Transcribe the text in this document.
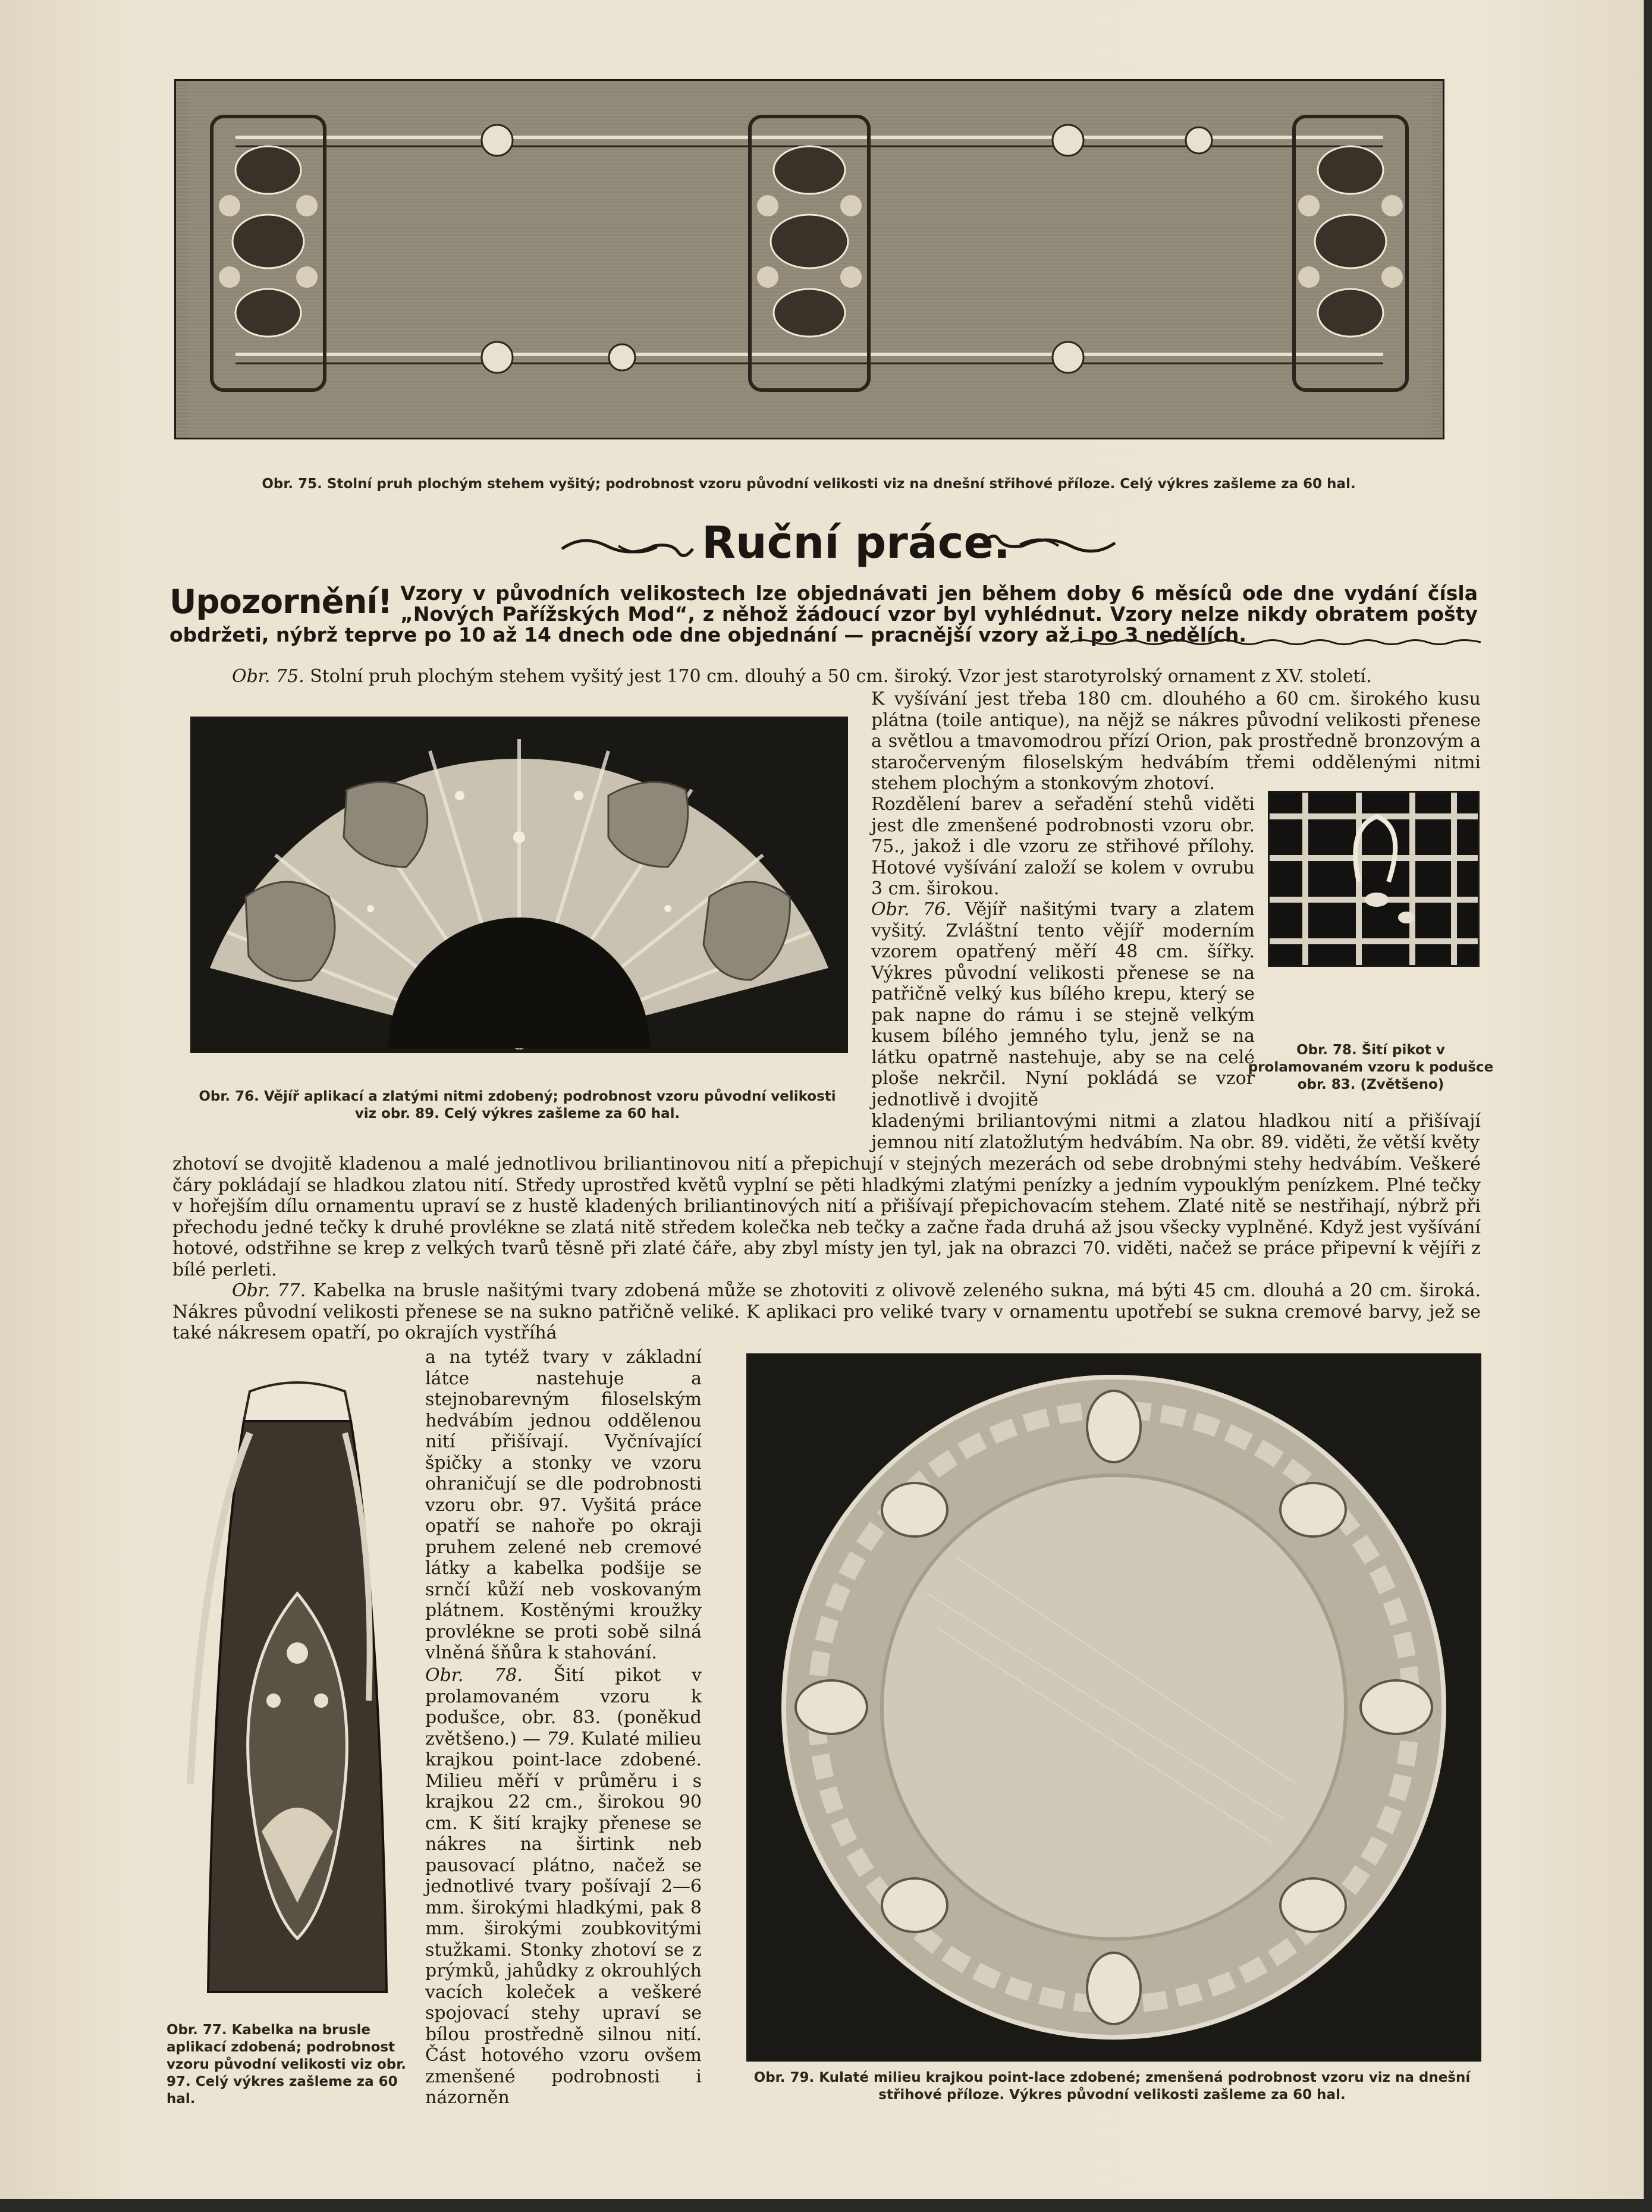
Obr. 75. Stolní pruh plochým stehem vyšitý; podrobnost vzoru původní velikosti viz na dnešní střihové příloze. Celý výkres zašleme za 60 hal.
Ruční práce.
Upozornění! Vzory v původních velikostech lze objednávati jen během doby 6 měsíců ode dne vydání čísla „Nových Pařížských Mod“, z něhož žádoucí vzor byl vyhlédnut. Vzory nelze nikdy obratem pošty obdržeti, nýbrž teprve po 10 až 14 dnech ode dne objednání — pracnější vzory až i po 3 nedělích.
Obr. 75. Stolní pruh plochým stehem vyšitý jest 170 cm. dlouhý a 50 cm. široký. Vzor jest starotyrolský ornament z XV. století.
K vyšívání jest třeba 180 cm. dlouhého a 60 cm. širokého kusu plátna (toile antique), na nějž se nákres původní velikosti přenese a světlou a tmavomodrou přízí Orion, pak prostředně bronzovým a staročerveným filoselským hedvábím třemi oddělenými nitmi stehem plochým a stonkovým zhotoví.
Obr. 76. Vějíř aplikací a zlatými nitmi zdobený; podrobnost vzoru původní velikosti viz obr. 89. Celý výkres zašleme za 60 hal.
Obr. 78. Šití pikot v prolamovaném vzoru k podušce obr. 83. (Zvětšeno)
Rozdělení barev a seřadění stehů viděti jest dle zmenšené podrobnosti vzoru obr. 75., jakož i dle vzoru ze střihové přílohy. Hotové vyšívání založí se kolem v ovrubu 3 cm. širokou.
Obr. 76. Vějíř našitými tvary a zlatem vyšitý. Zvláštní tento vějíř moderním vzorem opatřený měří 48 cm. šířky. Výkres původní velikosti přenese se na patřičně velký kus bílého krepu, který se pak napne do rámu i se stejně velkým kusem bílého jemného tylu, jenž se na látku opatrně nastehuje, aby se na celé ploše nekrčil. Nyní pokládá se vzor jednotlivě i dvojitě
kladenými briliantovými nitmi a zlatou hladkou nití a přišívají jemnou nití zlatožlutým hedvábím. Na obr. 89. viděti, že větší květy
zhotoví se dvojitě kladenou a malé jednotlivou briliantinovou nití a přepichují v stejných mezerách od sebe drobnými stehy hedvábím. Veškeré čáry pokládají se hladkou zlatou nití. Středy uprostřed květů vyplní se pěti hladkými zlatými penízky a jedním vypouklým penízkem. Plné tečky v hořejším dílu ornamentu upraví se z hustě kladených briliantinových nití a přišívají přepichovacím stehem. Zlaté nitě se nestřihají, nýbrž při přechodu jedné tečky k druhé provlékne se zlatá nitě středem kolečka neb tečky a začne řada druhá až jsou všecky vyplněné. Když jest vyšívání hotové, odstřihne se krep z velkých tvarů těsně při zlaté čáře, aby zbyl místy jen tyl, jak na obrazci 70. viděti, načež se práce připevní k vějíři z bílé perleti.
Obr. 77. Kabelka na brusle našitými tvary zdobená může se zhotoviti z olivově zeleného sukna, má býti 45 cm. dlouhá a 20 cm. široká. Nákres původní velikosti přenese se na sukno patřičně veliké. K aplikaci pro veliké tvary v ornamentu upotřebí se sukna cremové barvy, jež se také nákresem opatří, po okrajích vystříhá
Obr. 77. Kabelka na brusle aplikací zdobená; podrobnost vzoru původní velikosti viz obr. 97. Celý výkres zašleme za 60 hal.
a na tytéž tvary v základní látce nastehuje a stejnobarevným filoselským hedvábím jednou oddělenou nití přišívají. Vyčnívající špičky a stonky ve vzoru ohraničují se dle podrobnosti vzoru obr. 97. Vyšitá práce opatří se nahoře po okraji pruhem zelené neb cremové látky a kabelka podšije se srnčí kůží neb voskovaným plátnem. Kostěnými kroužky provlékne se proti sobě silná vlněná šňůra k stahování.
Obr. 78. Šití pikot v prolamovaném vzoru k podušce, obr. 83. (poněkud zvětšeno.) — 79. Kulaté milieu krajkou point-lace zdobené. Milieu měří v průměru i s krajkou 22 cm., širokou 90 cm. K šití krajky přenese se nákres na širtink neb pausovací plátno, načež se jednotlivé tvary pošívají 2—6 mm. širokými hladkými, pak 8 mm. širokými zoubkovitými stužkami. Stonky zhotoví se z prýmků, jahůdky z okrouhlých vacích koleček a veškeré spojovací stehy upraví se bílou prostředně silnou nití. Část hotového vzoru ovšem zmenšené podrobnosti i názorněn
Obr. 79. Kulaté milieu krajkou point-lace zdobené; zmenšená podrobnost vzoru viz na dnešní střihové příloze. Výkres původní velikosti zašleme za 60 hal.
